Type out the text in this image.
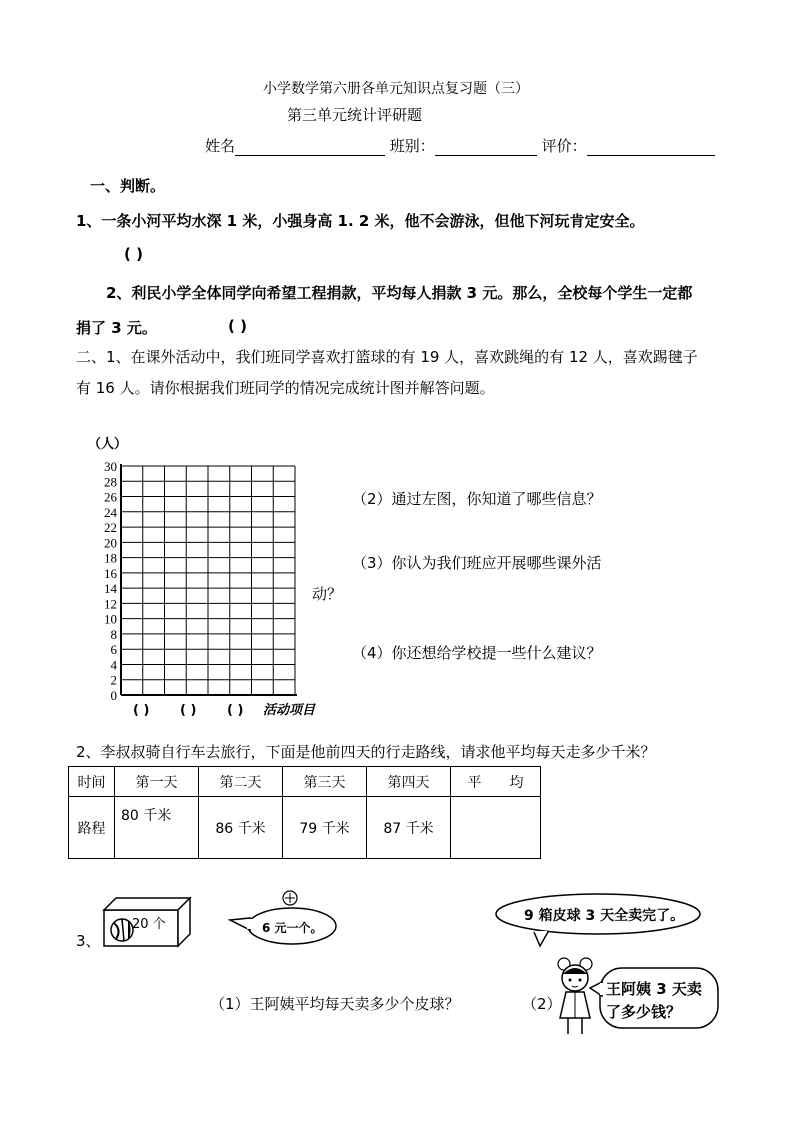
小学数学第六册各单元知识点复习题（三）
第三单元统计评研题
姓名	班别：	评价：
一、判断。
1、一条小河平均水深 1 米，小强身高 1. 2 米，他不会游泳，但他下河玩肯定安全。
( )
2、利民小学全体同学向希望工程捐款，平均每人捐款 3 元。那么，全校每个学生一定都
捐了 3 元。	( )
二、1、在课外活动中，我们班同学喜欢打篮球的有 19 人，喜欢跳绳的有 12 人，喜欢踢毽子
有 16 人。请你根据我们班同学的情况完成统计图并解答问题。
（人）
30
28
26
24
22
20
18
16
14
12
10
8
6
4
2
0
( ) ( ) ( ) 活动项目
（2）通过左图，你知道了哪些信息？
（3）你认为我们班应开展哪些课外活
动？
（4）你还想给学校提一些什么建议？
2、李叔叔骑自行车去旅行，下面是他前四天的行走路线，请求他平均每天走多少千米？
时间	第一天	第二天	第三天	第四天	平　　均
路程	80 千米	86 千米	79 千米	87 千米	
3、
20 个	6 元一个。
9 箱皮球 3 天全卖完了。
（1）王阿姨平均每天卖多少个皮球？	（2）
王阿姨 3 天卖
了多少钱？
